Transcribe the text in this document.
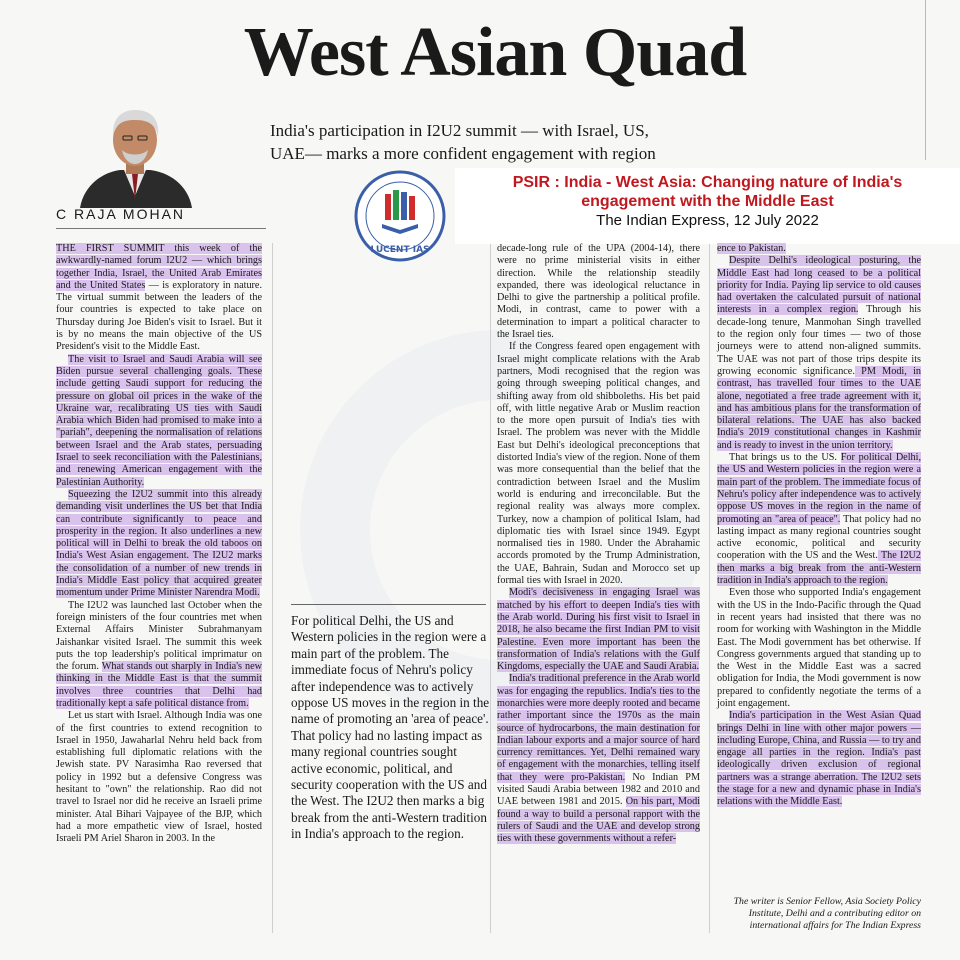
West Asian Quad
India's participation in I2U2 summit — with Israel, US,
UAE— marks a more confident engagement with region
C RAJA MOHAN
LUCENT IAS
PSIR : India - West Asia: Changing nature of India's
engagement with the Middle East
The Indian Express, 12 July 2022

THE FIRST SUMMIT this week of the awkwardly-named forum I2U2 — which brings together India, Israel, the United Arab Emirates and the United States — is exploratory in nature. The virtual summit between the leaders of the four countries is expected to take place on Thursday during Joe Biden's visit to Israel. But it is by no means the main objective of the US President's visit to the Middle East.

The visit to Israel and Saudi Arabia will see Biden pursue several challenging goals. These include getting Saudi support for reducing the pressure on global oil prices in the wake of the Ukraine war, recalibrating US ties with Saudi Arabia which Biden had promised to make into a "pariah", deepening the normalisation of relations between Israel and the Arab states, persuading Israel to seek reconciliation with the Palestinians, and renewing American engagement with the Palestinian Authority.

Squeezing the I2U2 summit into this already demanding visit underlines the US bet that India can contribute significantly to peace and prosperity in the region. It also underlines a new political will in Delhi to break the old taboos on India's West Asian engagement. The I2U2 marks the consolidation of a number of new trends in India's Middle East policy that acquired greater momentum under Prime Minister Narendra Modi.

The I2U2 was launched last October when the foreign ministers of the four countries met when External Affairs Minister Subrahmanyam Jaishankar visited Israel. The summit this week puts the top leadership's political imprimatur on the forum. What stands out sharply in India's new thinking in the Middle East is that the summit involves three countries that Delhi had traditionally kept a safe political distance from.

Let us start with Israel. Although India was one of the first countries to extend recognition to Israel in 1950, Jawaharlal Nehru held back from establishing full diplomatic relations with the Jewish state. PV Narasimha Rao reversed that policy in 1992 but a defensive Congress was hesitant to "own" the relationship. Rao did not travel to Israel nor did he receive an Israeli prime minister. Atal Bihari Vajpayee of the BJP, which had a more empathetic view of Israel, hosted Israeli PM Ariel Sharon in 2003. In the

For political Delhi, the US and Western policies in the region were a main part of the problem. The immediate focus of Nehru's policy after independence was to actively oppose US moves in the region in the name of promoting an 'area of peace'. That policy had no lasting impact as many regional countries sought active economic, political, and security cooperation with the US and the West. The I2U2 then marks a big break from the anti-Western tradition in India's approach to the region.

decade-long rule of the UPA (2004-14), there were no prime ministerial visits in either direction. While the relationship steadily expanded, there was ideological reluctance in Delhi to give the partnership a political profile. Modi, in contrast, came to power with a determination to impart a political character to the Israel ties.

If the Congress feared open engagement with Israel might complicate relations with the Arab partners, Modi recognised that the region was going through sweeping political changes, and shifting away from old shibboleths. His bet paid off, with little negative Arab or Muslim reaction to the more open pursuit of India's ties with Israel. The problem was never with the Middle East but Delhi's ideological preconceptions that distorted India's view of the region. None of them was more consequential than the belief that the contradiction between Israel and the Muslim world is enduring and irreconcilable. But the regional reality was always more complex. Turkey, now a champion of political Islam, had diplomatic ties with Israel since 1949. Egypt normalised ties in 1980. Under the Abrahamic accords promoted by the Trump Administration, the UAE, Bahrain, Sudan and Morocco set up formal ties with Israel in 2020.

Modi's decisiveness in engaging Israel was matched by his effort to deepen India's ties with the Arab world. During his first visit to Israel in 2018, he also became the first Indian PM to visit Palestine. Even more important has been the transformation of India's relations with the Gulf Kingdoms, especially the UAE and Saudi Arabia.

India's traditional preference in the Arab world was for engaging the republics. India's ties to the monarchies were more deeply rooted and became rather important since the 1970s as the main source of hydrocarbons, the main destination for Indian labour exports and a major source of hard currency remittances. Yet, Delhi remained wary of engagement with the monarchies, telling itself that they were pro-Pakistan. No Indian PM visited Saudi Arabia between 1982 and 2010 and UAE between 1981 and 2015. On his part, Modi found a way to build a personal rapport with the rulers of Saudi and the UAE and develop strong ties with these governments without a refer-

ence to Pakistan.

Despite Delhi's ideological posturing, the Middle East had long ceased to be a political priority for India. Paying lip service to old causes had overtaken the calculated pursuit of national interests in a complex region. Through his decade-long tenure, Manmohan Singh travelled to the region only four times — two of those journeys were to attend non-aligned summits. The UAE was not part of those trips despite its growing economic significance. PM Modi, in contrast, has travelled four times to the UAE alone, negotiated a free trade agreement with it, and has ambitious plans for the transformation of bilateral relations. The UAE has also backed India's 2019 constitutional changes in Kashmir and is ready to invest in the union territory.

That brings us to the US. For political Delhi, the US and Western policies in the region were a main part of the problem. The immediate focus of Nehru's policy after independence was to actively oppose US moves in the region in the name of promoting an "area of peace". That policy had no lasting impact as many regional countries sought active economic, political and security cooperation with the US and the West. The I2U2 then marks a big break from the anti-Western tradition in India's approach to the region.

Even those who supported India's engagement with the US in the Indo-Pacific through the Quad in recent years had insisted that there was no room for working with Washington in the Middle East. The Modi government has bet otherwise. If Congress governments argued that standing up to the West in the Middle East was a sacred obligation for India, the Modi government is now prepared to confidently negotiate the terms of a joint engagement.

India's participation in the West Asian Quad brings Delhi in line with other major powers — including Europe, China, and Russia — to try and engage all parties in the region. India's past ideologically driven exclusion of regional partners was a strange aberration. The I2U2 sets the stage for a new and dynamic phase in India's relations with the Middle East.

The writer is Senior Fellow, Asia Society Policy Institute, Delhi and a contributing editor on international affairs for The Indian Express
